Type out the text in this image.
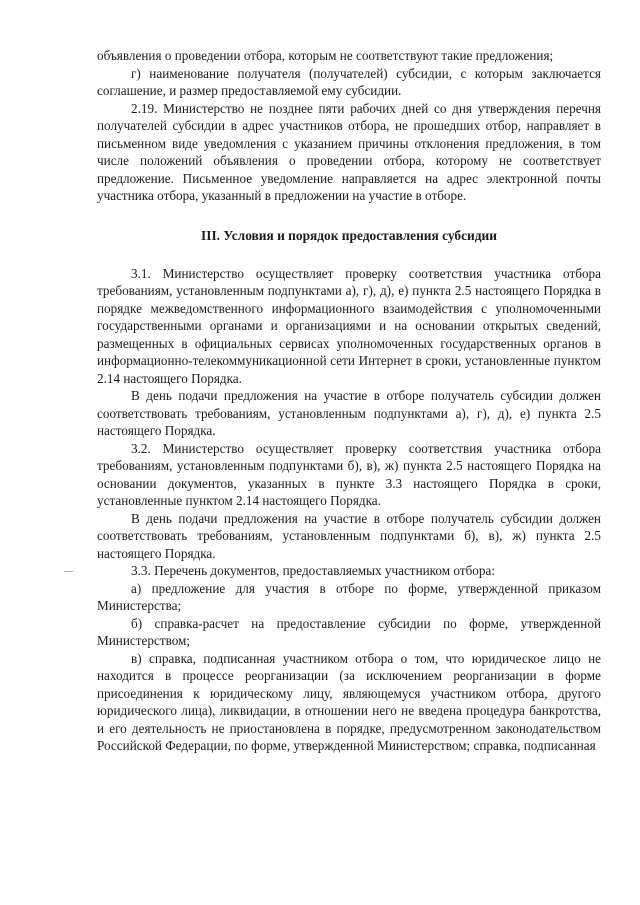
объявления о проведении отбора, которым не соответствуют такие предложения;

г) наименование получателя (получателей) субсидии, с которым заключается соглашение, и размер предоставляемой ему субсидии.

2.19. Министерство не позднее пяти рабочих дней со дня утверждения перечня получателей субсидии в адрес участников отбора, не прошедших отбор, направляет в письменном виде уведомления с указанием причины отклонения предложения, в том числе положений объявления о проведении отбора, которому не соответствует предложение. Письменное уведомление направляется на адрес электронной почты участника отбора, указанный в предложении на участие в отборе.

III. Условия и порядок предоставления субсидии

3.1. Министерство осуществляет проверку соответствия участника отбора требованиям, установленным подпунктами а), г), д), е) пункта 2.5 настоящего Порядка в порядке межведомственного информационного взаимодействия с уполномоченными государственными органами и организациями и на основании открытых сведений, размещенных в официальных сервисах уполномоченных государственных органов в информационно-телекоммуникационной сети Интернет в сроки, установленные пунктом 2.14 настоящего Порядка.

В день подачи предложения на участие в отборе получатель субсидии должен соответствовать требованиям, установленным подпунктами а), г), д), е) пункта 2.5 настоящего Порядка.

3.2. Министерство осуществляет проверку соответствия участника отбора требованиям, установленным подпунктами б), в), ж) пункта 2.5 настоящего Порядка на основании документов, указанных в пункте 3.3 настоящего Порядка в сроки, установленные пунктом 2.14 настоящего Порядка.

В день подачи предложения на участие в отборе получатель субсидии должен соответствовать требованиям, установленным подпунктами б), в), ж) пункта 2.5 настоящего Порядка.

3.3. Перечень документов, предоставляемых участником отбора:

а) предложение для участия в отборе по форме, утвержденной приказом Министерства;

б) справка-расчет на предоставление субсидии по форме, утвержденной Министерством;

в) справка, подписанная участником отбора о том, что юридическое лицо не находится в процессе реорганизации (за исключением реорганизации в форме присоединения к юридическому лицу, являющемуся участником отбора, другого юридического лица), ликвидации, в отношении него не введена процедура банкротства, и его деятельность не приостановлена в порядке, предусмотренном законодательством Российской Федерации, по форме, утвержденной Министерством; справка, подписанная
